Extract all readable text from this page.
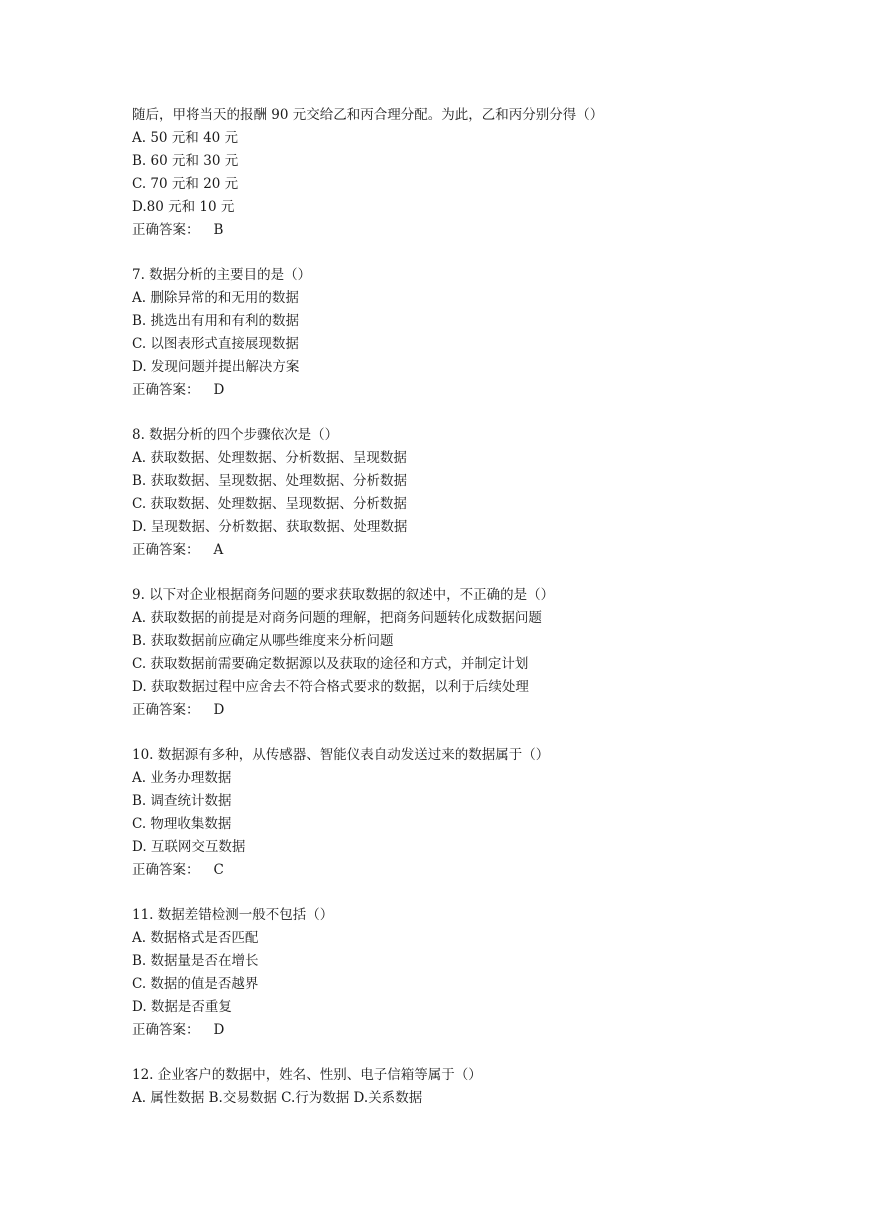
随后，甲将当天的报酬 90 元交给乙和丙合理分配。为此，乙和丙分别分得（）
A. 50 元和 40 元
B. 60 元和 30 元
C. 70 元和 20 元
D.80 元和 10 元
正确答案： B
7. 数据分析的主要目的是（）
A. 删除异常的和无用的数据
B. 挑选出有用和有利的数据
C. 以图表形式直接展现数据
D. 发现问题并提出解决方案
正确答案： D
8. 数据分析的四个步骤依次是（）
A. 获取数据、处理数据、分析数据、呈现数据
B. 获取数据、呈现数据、处理数据、分析数据
C. 获取数据、处理数据、呈现数据、分析数据
D. 呈现数据、分析数据、获取数据、处理数据
正确答案： A
9. 以下对企业根据商务问题的要求获取数据的叙述中，不正确的是（）
A. 获取数据的前提是对商务问题的理解，把商务问题转化成数据问题
B. 获取数据前应确定从哪些维度来分析问题
C. 获取数据前需要确定数据源以及获取的途径和方式，并制定计划
D. 获取数据过程中应舍去不符合格式要求的数据，以利于后续处理
正确答案： D
10. 数据源有多种，从传感器、智能仪表自动发送过来的数据属于（）
A. 业务办理数据
B. 调查统计数据
C. 物理收集数据
D. 互联网交互数据
正确答案： C
11. 数据差错检测一般不包括（）
A. 数据格式是否匹配
B. 数据量是否在增长
C. 数据的值是否越界
D. 数据是否重复
正确答案： D
12. 企业客户的数据中，姓名、性别、电子信箱等属于（）
A. 属性数据 B.交易数据 C.行为数据 D.关系数据
